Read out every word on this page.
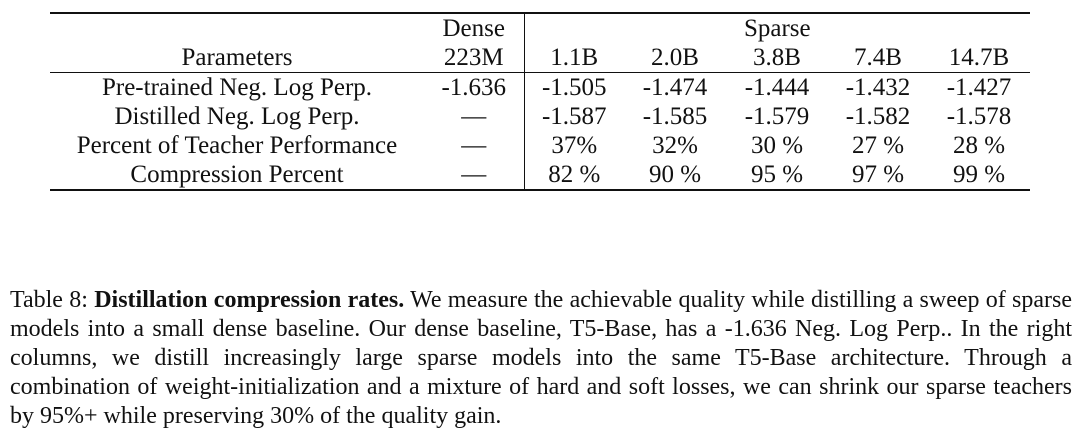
	Dense	Sparse				
Parameters	223M	1.1B	2.0B	3.8B	7.4B	14.7B
Pre-trained Neg. Log Perp.	-1.636	-1.505	-1.474	-1.444	-1.432	-1.427
Distilled Neg. Log Perp.	—	-1.587	-1.585	-1.579	-1.582	-1.578
Percent of Teacher Performance	—	37%	32%	30 %	27 %	28 %
Compression Percent	—	82 %	90 %	95 %	97 %	99 %

Table 8: Distillation compression rates. We measure the achievable quality while distilling a sweep of sparse models into a small dense baseline. Our dense baseline, T5-Base, has a -1.636 Neg. Log Perp.. In the right columns, we distill increasingly large sparse models into the same T5-Base architecture. Through a combination of weight-initialization and a mixture of hard and soft losses, we can shrink our sparse teachers by 95%+ while preserving 30% of the quality gain.
